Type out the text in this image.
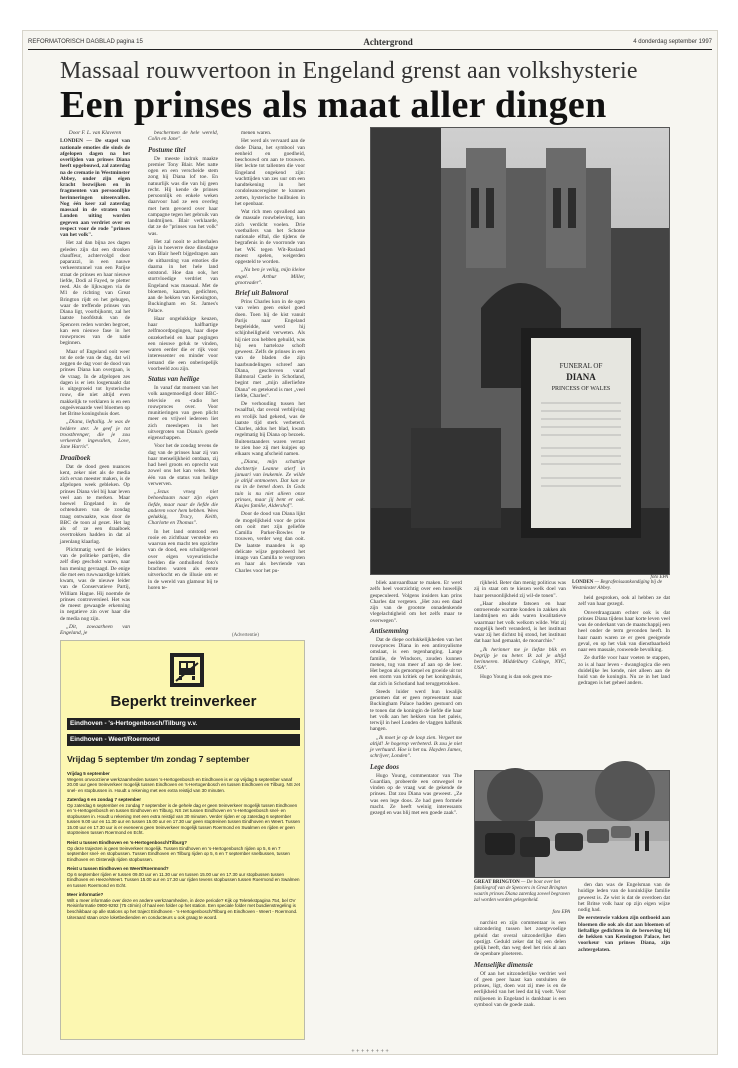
REFORMATORISCH DAGBLAD pagina 15	Achtergrond	4 donderdag september 1997
Massaal rouwvertoon in Engeland grenst aan volkshysterie
Een prinses als maat aller dingen

Door F. L. van Klaveren

LONDEN — De stapel van nationale emoties die sinds de afgelopen dagen na het overlijden van prinses Diana heeft opgebouwd, zal zaterdag na de crematie in Westminster Abbey, onder zijn eigen kracht bezwijken en in fragmenten van persoonlijke herinneringen uiteenvallen. Nog één keer zal zaterdag massaal in de straten van Londen uiting worden gegeven aan verdriet over en respect voor de rode "prinses van het volk".

Het zal dan bijna zes dagen geleden zijn dat een dronken chauffeur, achtervolgd door paparazzi, in een nauwe verkeerstunnel van een Parijse straat de prinses en haar nieuwe liefde, Dodi al Fayed, te pletter reed. Als de lijkwagen via de M1 de richting van Great Brington rijdt en het gehugen, waar de treffende prinses van Diana ligt, voorbijkomt, zal het laatste hoofdstuk van de Spencers reden worden begroet, kan een nieuwe fase in het rouwproces van de natie beginnen.

Maar of Engeland ooit weer tot de orde van de dag, dat wil zeggen de dag voor de dood van prinses Diana kan overgaan, is de vraag. In de afgelopen zes dagen is er iets losgemaakt dat is uitgegroeid tot hysterische rouw, die niet altijd even makkelijk te verklaren is en een ongeëvenaarde veel bloemen op het Britse koningshuis doet.

„Diana, lieftallig. Je was de heldere ster. Je geef je tot troostbrenger, die je zou verkeerde ingevallen, Love, Jane Harris".

Draaiboek

Dat de dood geen nuances kent, zeker niet als de media zich ervan meester maken, is de afgelopen week gebleken. Op prinses Diana viel bij haar leven veel aan te merken. Maar hoewel Engeland in de ochtenduren van de zondag traag ontwaakte, was door de BBC de toon al gezet. Het lag als of ze een draaiboek overtrokken hadden in dat al jarenlang klaarlag.

Plichtmatig werd de leiders van de politieke partijen, die zelf diep geschokt waren, naar hun mening gevraagd. De enige die met een ruwwaardige kritiek kwam, was de nieuwe leider van de Conservatieve Partij, William Hague. Hij noemde de prinses controversieel. Het was de meest gewaagde erkenning in negatieve zin over haar die de media nog zijn.

„Dit, zowaarheen van Engeland, je

beschermen de hele wereld, Colin en Jane".

Postume titel

De meeste indruk maakte premier Tony Blair. Met natte ogen en een verscheide stem zong hij Diana lof toe. En natuurlijk was die van hij geen recht. Hij kende de prinses persoonlijk en enkele weken daarvoor had ze een overleg met hem gevoerd over haar campagne tegen het gebruik van landmijnen. Blair verklaarde, dat ze de "prinses van het volk" was.

Het zal nooit te achterhalen zijn in hoeverre deze dinsdagse van Blair heeft bijgedragen aan de uitbarsting van emoties die daarna in het hele land ontstond. Hoe dan ook, het stortvloedige verdriet van Engeland was massaal. Met de bloemen, kaarten, gedichten, aan de hekken van Kensington, Buckingham en St. James's Palace.

Haar ongelukkige keuzen, haar halfhartige zelfmoordpogingen, haar diepe onzekerheid en haar pogingen een nieuwe geluk te vinden, waren eerder die er rijk voor interessenter en minder voor iemand die een onberispelijk voorbeeld zou zijn.

Status van heilige

In vanaf dat moment van het volk aangemoedigd door BBC-televisie en -radio het rouwproces over. Voor munitieringen van geen plicht meer en vrijwel iedereen liet zich meeslepen in het uitvergroten van Diana's goede eigenschappen.

Voor het de zondag tevens de dag van de prinses haar zij van haar menselijkheid ontdaan, zij had heel groots en oprecht wat zowel ons het kan velen. Met één van de status van heilige verwerven.

„Jezus vroeg niet behoedzaam naar zijn eigen liefde, maar naar de liefde die anderen voor hem hebben. Wees gelukkig, Tracy, Keith, Charlotte en Thomas".

In het land ontstond een rooie en zichtbaar verstekte en waarvan een macht ten opzichte van de dood, een schuldgevoel over eigen voyeuristische beelden die onthullend foto's brachten waren als eerste uitverkocht en de illusie om er in de wereld van glamour bij te horen te-

menen waren.

Het werd als vervaard aan de dode Diana, het symbool van eenheid en goedheid, beschouwd om aan te trouwen. Het leckte tot tallenten die voor Engeland ongekend zijn: wachttijden van zes uur om een handtekening in het condoleanceregister te kunnen zetten, hysterische huilbuien in het openbaar.

Wat rich men opvallend aan de massale rouwbeleving, kon zich verdicht voelen. Drie voetballers van het Schotse nationale elftal, die tijdens de begrafenis in de voorronde van het WK tegen Wit-Rusland moest spelen, weigerden opgesteld te worden.

„Na ben je veilig, mijn kleine engel. Arthur Miller, grootvader".

Brief uit Balmoral

Prins Charles kon in de ogen van velen geen enkel goed doen. Toen hij de kist vanuit Parijs naar Engeland begeleidde, werd hij schijnheiligheid verweten. Als hij niet zou hebben gehuild, was hij een harteloze schoft geweest. Zelfs de prinses in een van de bladen die zijn haarbundelingen schreef aan Diana, geschreven vanaf Balmoral Castle in Schotland, begint met „mijn allerliefste Diana" en getekend is met „veel liefde, Charles".

De verhouding tussen het twaalftal, dat overal verblijving en vrolijk had gekend, was de laatste tijd sterk verbeterd. Charles, aldus het blad, kwam regelmatig bij Diana op bezoek. Buitenstaanders waren verrast te zien hoe zij met kuipjes op elkaars wang afscheid namen.

„Diana, mijn schattige dochtertje Leanne stierf in januari van leukemie. Ze wilde je altijd ontmoeten. Dat kan ze nu in de hemel doen. In Gods tuin is nu niet alleen onze prinses, maar jij bent er ook. Kusjes familie, Aldershof".

Door de dood van Diana lijkt de mogelijkheid voor de prins om ooit met zijn geliefde Camilla Parker-Bowles te trouwen, verder weg dan ooit. De laatste maanden is op delicate wijze geprobeerd het imago van Camilla te vergroten en haar als bevriende van Charles voor het pu-

FUNERAL OF
DIANA
PRINCESS OF WALES
LONDEN — Begrafenisaankondiging bij de Westminster Abbey.
foto EPA

bliek aanvaardbaar te maken. Er werd zelfs heel voorzichtig over een huwelijk gespeculeerd. Volgens insiders kan prins Charles dat vergeten. „Het zou een daad zijn van de grootste onnadenkende vlegelachtigheid om het zelfs maar te overwegen".

Antisemming

Dat de diepe oorlukkelijkheden van het rouwproces Diana in een antiroyalisme omslaat, is een tegenhanging. Lange familie, de Windsors, zouden kunnen menen, tog van meer af aan op de leer. Het begon als gemompel en groeide uit tot een storm van kritiek op het koningshuis, dat zich in Schotland had teruggetrokken.

Steeds luider werd hun kwalijk genomen dat er geen representant naar Buckingham Palace hadden gestuurd om te tonen dat de koningin de liefde die haar het volk aan het hekken van het paleis, terwijl in heel Londen de vlaggen halfstok hangen.

„Ik moet je op de loop zien. Vergeet me altijd! Je hogerop verbeterd. Ik zou je niet je verhuurd. Hoe is het nu. Hayden James, schrijver, Londen".

Lege doos

Hugo Young, commentator van The Guardian, probeerde een omwegsel te vinden op de vraag wat de gekende de prinses. Dat zou Diana was geweest. „Ze was een lege doos. Ze had geen formele macht. Ze heeft weinig interessants gezegd en was blij met een goede zaak".

rijkheid. Beter dan menig politicus was zij in staat om te kiezen welk doel van haar persoonlijkheid zij wil-de tonen".

„Haar absolute fatsoen en haar ontroerende warmte konden in zakken als landmijnen en aids waren kwalitatieve waarmaar het volk welkom wilde. Wat zij mogelijk heeft veranderd, is het instituut waar zij het dichtst bij stond, het instituut dat haar had gemaakt, de monarchie."

„Ik herinner me je liefste blik en begrijp je nu beter. Ik zal je altijd herinneren. Middelbury College, NYC, USA".

Hugo Young is dan ook geen mo-

heid gesproken, ook al hebben ze dat zelf van haar gezegd.

Onverdraagzaam echter ook is dat prinses Diana tijdens haar korte leven veel was de onderkant van de maatschappij een heel onder de term gevonden heeft. In haar naam waren ze er geen geeigende geval, en op het vlak van dienstbaarheid naar een massale, rouwende bevolking.

Ze durfde voor haar voeten te stappen, zo is al haar leven - dwanglogica die een duidelijke les kende, niet alleen aan de huid van de koningin. Nu ze in het land gedragen is het geheel anders.

(Advertentie)
GREAT BRINGTON — De boot over het familiegraf van de Spencers in Great Brington waarin prinses Diana zaterdag zoveel begraven zal worden worden gelegenheid.
foto EPA

narchist en zijn commentaar is een uitzondering tussen het zoetgevoelige geluid dat overal uitzonderlijke dien opstijgt. Geduld zeker dat bij een delen gelijk heeft, dan weg deel het risis al aan de openbare ploeteren.

Menselijke dimensie

Of aan het uitzonderlijke verdriet wel of geen peer haast kan ontsluiten de prinses, ligt, doen wat zij mee is en de eerlijkheid van het leed dat hij voelt. Voor miljoenen in Engeland is dankbaar is een symbool van de goede zaak.

den dan was de Engelsman van de huidige leden van de koninklijke familie geweest is. Ze wist is dat de overdoen dat het Britse volk haar op zijn eigen wijze nodig had.

De eerstenwie vakken zijn ontboeid aan bloemen die ook als dat aan bloemen of lieftallige gedichten in de beroeving bij de hekken van Kensington Palace, het voorkeur van prinses Diana, zijn achtergelaten.

Beperkt treinverkeer
Eindhoven - 's-Hertogenbosch/Tilburg v.v.
Eindhoven - Weert/Roermond
Vrijdag 5 september t/m zondag 7 september
Vrijdag 5 september
Wegens onvoorziene werkzaamheden tussen 's-Hertogenbosch en Eindhoven is er op vrijdag 5 september vanaf 20.00 uur geen treinverkeer mogelijk tussen Eindhoven en 's-Hertogenbosch en tussen Eindhoven en Tilburg. NS zet snel- en stopbussen in. Houdt u rekening met een extra reistijd van 30 minuten.
Zaterdag 6 en zondag 7 september
Op zaterdag 6 september en zondag 7 september is de gehele dag er geen treinverkeer mogelijk tussen Eindhoven en 's-Hertogenbosch en tussen Eindhoven en Tilburg. NS zet tussen Eindhoven en 's-Hertogenbosch snel- en stopbussen in. Houdt u rekening met een extra reistijd van 30 minuten. Verder rijden er op zaterdag 6 september tussen 9.00 uur en 11.30 uur en tussen 15.00 uur en 17.30 uur geen stoptreinen tussen Eindhoven en Weert. Tussen 15.00 uur en 17.30 uur is er eveneens geen treinverkeer mogelijk tussen Roermond en Swalmen en rijden er geen stoptreinen tussen Roermond en Echt.
Reist u tussen Eindhoven en 's-Hertogenbosch/Tilburg?
Op deze trajecten is geen treinverkeer mogelijk. Tussen Eindhoven en 's-Hertogenbosch rijden op 5, 6 en 7 september snel- en stopbussen. Tussen Eindhoven en Tilburg rijden op 5, 6 en 7 september snelbussen, tussen Eindhoven en Oisterwijk rijden stopbussen.
Reist u tussen Eindhoven en Weert/Roermond?
Op 6 september rijden er tussen 09.00 uur en 11.30 uur en tussen 15.00 uur en 17.30 uur stopbussen tussen Eindhoven en Heeze/Weert. Tussen 15.00 uur en 17.30 uur rijden tevens stopbussen tussen Roermond en Swalmen en tussen Roermond en Echt.
Meer informatie?
Wilt u meer informatie over deze en andere werkzaamheden, in deze periode? Kijk op Teletekstpagina 754, bel OV Reisinformatie 0900-9292 (75 ct/min) of haal een folder op het station. Een speciale folder met busdienstregeling is beschikbaar op alle stations op het traject Eindhoven - 's-Hertogenbosch/Tilburg en Eindhoven - Weert - Roermond. Uiteraard staan onze loketbedienden en conducteurs u ook graag te woord.
+ + + + + + + +
